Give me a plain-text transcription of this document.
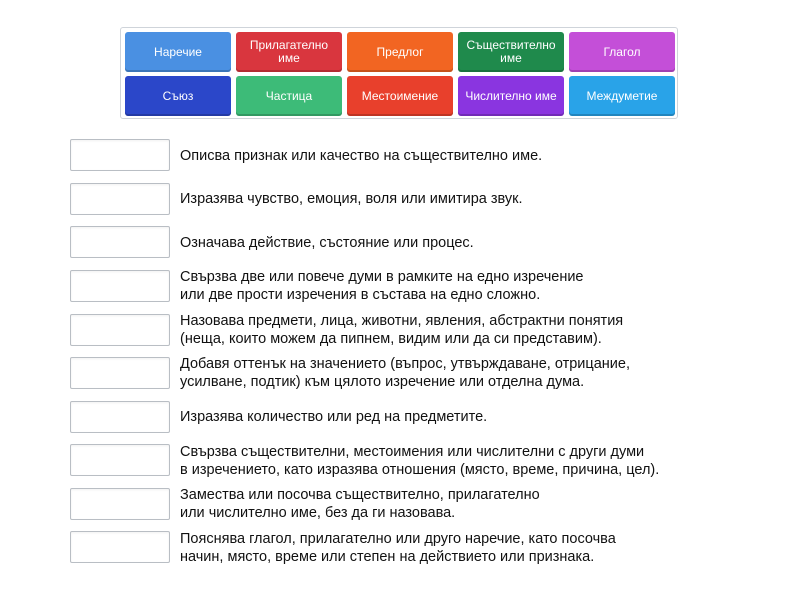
Наречие	Прилагателно име	Предлог	Съществително име	Глагол
Съюз	Частица	Местоимение	Числително име	Междуметие
Описва признак или качество на съществително име.
Изразява чувство, емоция, воля или имитира звук.
Означава действие, състояние или процес.
Свързва две или повече думи в рамките на едно изречение
или две прости изречения в състава на едно сложно.
Назовава предмети, лица, животни, явления, абстрактни понятия
(неща, които можем да пипнем, видим или да си представим).
Добавя оттенък на значението (въпрос, утвърждаване, отрицание,
усилване, подтик) към цялото изречение или отделна дума.
Изразява количество или ред на предметите.
Свързва съществителни, местоимения или числителни с други думи
в изречението, като изразява отношения (място, време, причина, цел).
Замества или посочва съществително, прилагателно
или числително име, без да ги назовава.
Пояснява глагол, прилагателно или друго наречие, като посочва
начин, място, време или степен на действието или признака.
